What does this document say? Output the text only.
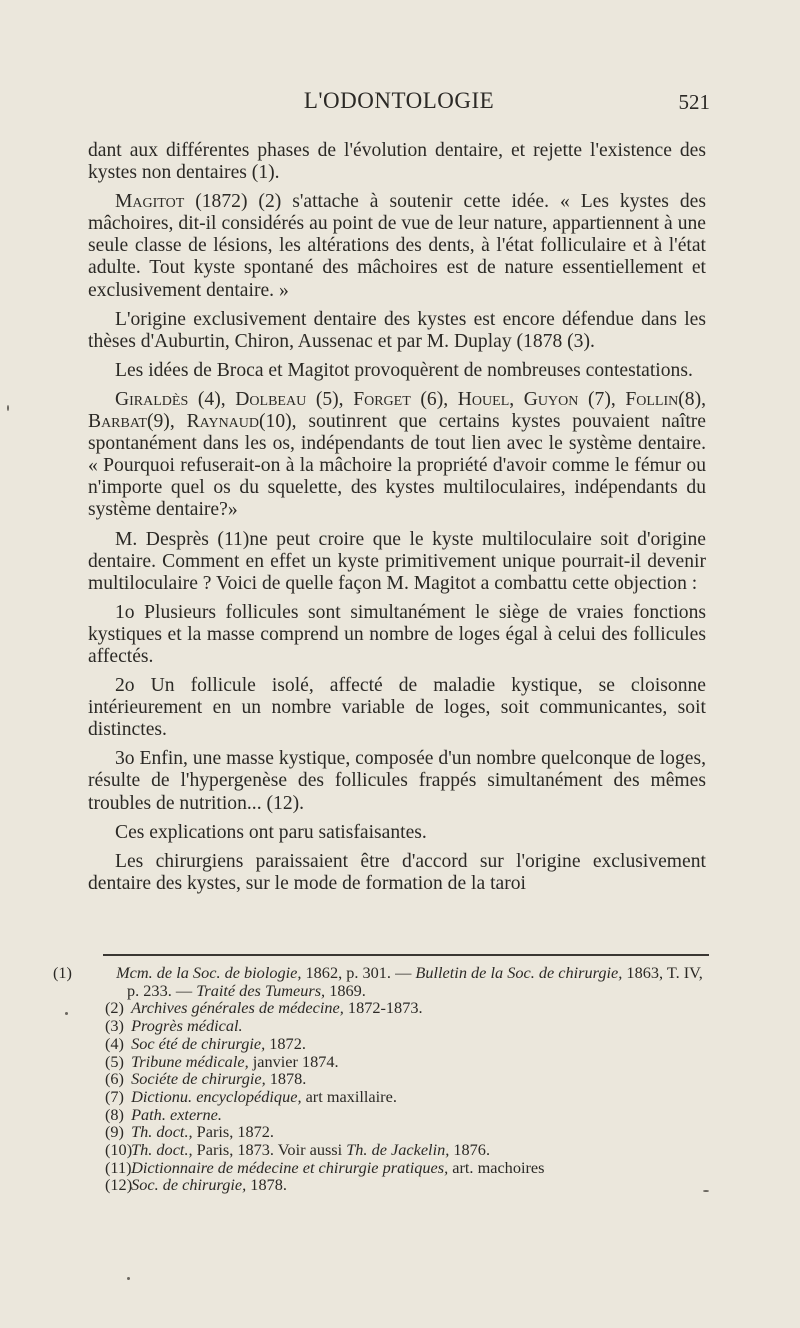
L'ODONTOLOGIE	521

dant aux différentes phases de l'évolution dentaire, et rejette l'existence des kystes non dentaires (1).

Magitot (1872) (2) s'attache à soutenir cette idée. « Les kystes des mâchoires, dit-il considérés au point de vue de leur nature, appartiennent à une seule classe de lésions, les altérations des dents, à l'état folliculaire et à l'état adulte. Tout kyste spontané des mâchoires est de nature essentiellement et exclusivement dentaire. »

L'origine exclusivement dentaire des kystes est encore défendue dans les thèses d'Auburtin, Chiron, Aussenac et par M. Duplay (1878 (3).

Les idées de Broca et Magitot provoquèrent de nombreuses contestations.

Giraldès (4), Dolbeau (5), Forget (6), Houel, Guyon (7), Follin(8), Barbat(9), Raynaud(10), soutinrent que certains kystes pouvaient naître spontanément dans les os, indépendants de tout lien avec le système dentaire. « Pourquoi refuserait-on à la mâchoire la propriété d'avoir comme le fémur ou n'importe quel os du squelette, des kystes multiloculaires, indépendants du système dentaire?»

M. Desprès (11)ne peut croire que le kyste multiloculaire soit d'origine dentaire. Comment en effet un kyste primitivement unique pourrait-il devenir multiloculaire ? Voici de quelle façon M. Magitot a combattu cette objection :

1o Plusieurs follicules sont simultanément le siège de vraies fonctions kystiques et la masse comprend un nombre de loges égal à celui des follicules affectés.

2o Un follicule isolé, affecté de maladie kystique, se cloisonne intérieurement en un nombre variable de loges, soit communicantes, soit distinctes.

3o Enfin, une masse kystique, composée d'un nombre quelconque de loges, résulte de l'hypergenèse des follicules frappés simultanément des mêmes troubles de nutrition... (12).

Ces explications ont paru satisfaisantes.

Les chirurgiens paraissaient être d'accord sur l'origine exclusivement dentaire des kystes, sur le mode de formation de la taroi

(1)	Mcm. de la Soc. de biologie, 1862, p. 301. — Bulletin de la Soc. de chirurgie, 1863, T. IV, p. 233. — Traité des Tumeurs, 1869.
(2) Archives générales de médecine, 1872-1873.
(3) Progrès médical.
(4) Soc été de chirurgie, 1872.
(5) Tribune médicale, janvier 1874.
(6) Sociéte de chirurgie, 1878.
(7) Dictionu. encyclopédique, art maxillaire.
(8) Path. externe.
(9) Th. doct., Paris, 1872.
(10) Th. doct., Paris, 1873. Voir aussi Th. de Jackelin, 1876.
(11) Dictionnaire de médecine et chirurgie pratiques, art. machoires
(12) Soc. de chirurgie, 1878.
